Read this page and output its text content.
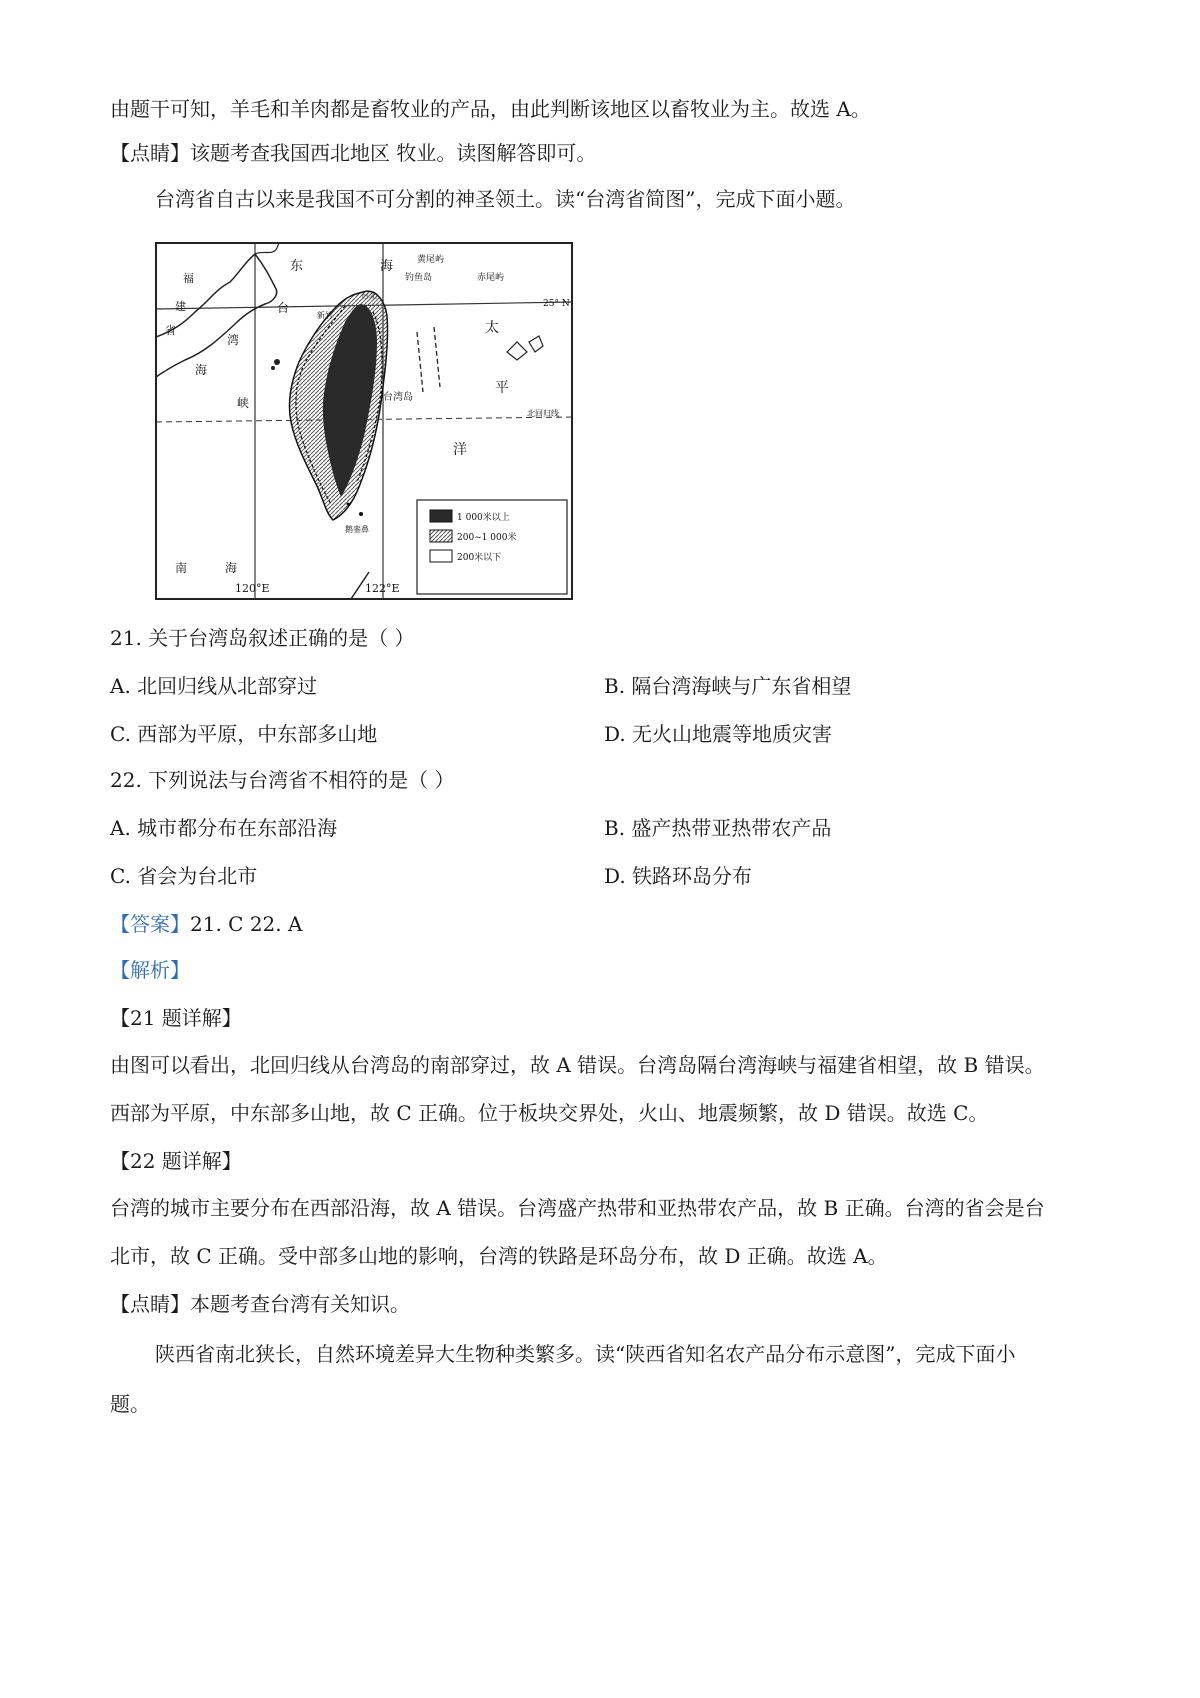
由题干可知，羊毛和羊肉都是畜牧业的产品，由此判断该地区以畜牧业为主。故选 A。
【点睛】该题考查我国西北地区 牧业。读图解答即可。
台湾省自古以来是我国不可分割的神圣领土。读“台湾省简图”，完成下面小题。
福
建
省
东	海	黄尾屿
钓鱼岛	赤尾屿
台
湾
海
峡
台北
新竹
台湾岛
太
平
洋
25° N
北回归线
鹅銮鼻
南	海
120°E	122°E
1 000米以上
200~1 000米
200米以下
21. 关于台湾岛叙述正确的是（ ）
A. 北回归线从北部穿过	B. 隔台湾海峡与广东省相望
C. 西部为平原，中东部多山地	D. 无火山地震等地质灾害
22. 下列说法与台湾省不相符的是（ ）
A. 城市都分布在东部沿海	B. 盛产热带亚热带农产品
C. 省会为台北市	D. 铁路环岛分布
【答案】21. C 22. A
【解析】
【21 题详解】
由图可以看出，北回归线从台湾岛的南部穿过，故 A 错误。台湾岛隔台湾海峡与福建省相望，故 B 错误。
西部为平原，中东部多山地，故 C 正确。位于板块交界处，火山、地震频繁，故 D 错误。故选 C。
【22 题详解】
台湾的城市主要分布在西部沿海，故 A 错误。台湾盛产热带和亚热带农产品，故 B 正确。台湾的省会是台
北市，故 C 正确。受中部多山地的影响，台湾的铁路是环岛分布，故 D 正确。故选 A。
【点睛】本题考查台湾有关知识。
陕西省南北狭长，自然环境差异大生物种类繁多。读“陕西省知名农产品分布示意图”，完成下面小
题。
